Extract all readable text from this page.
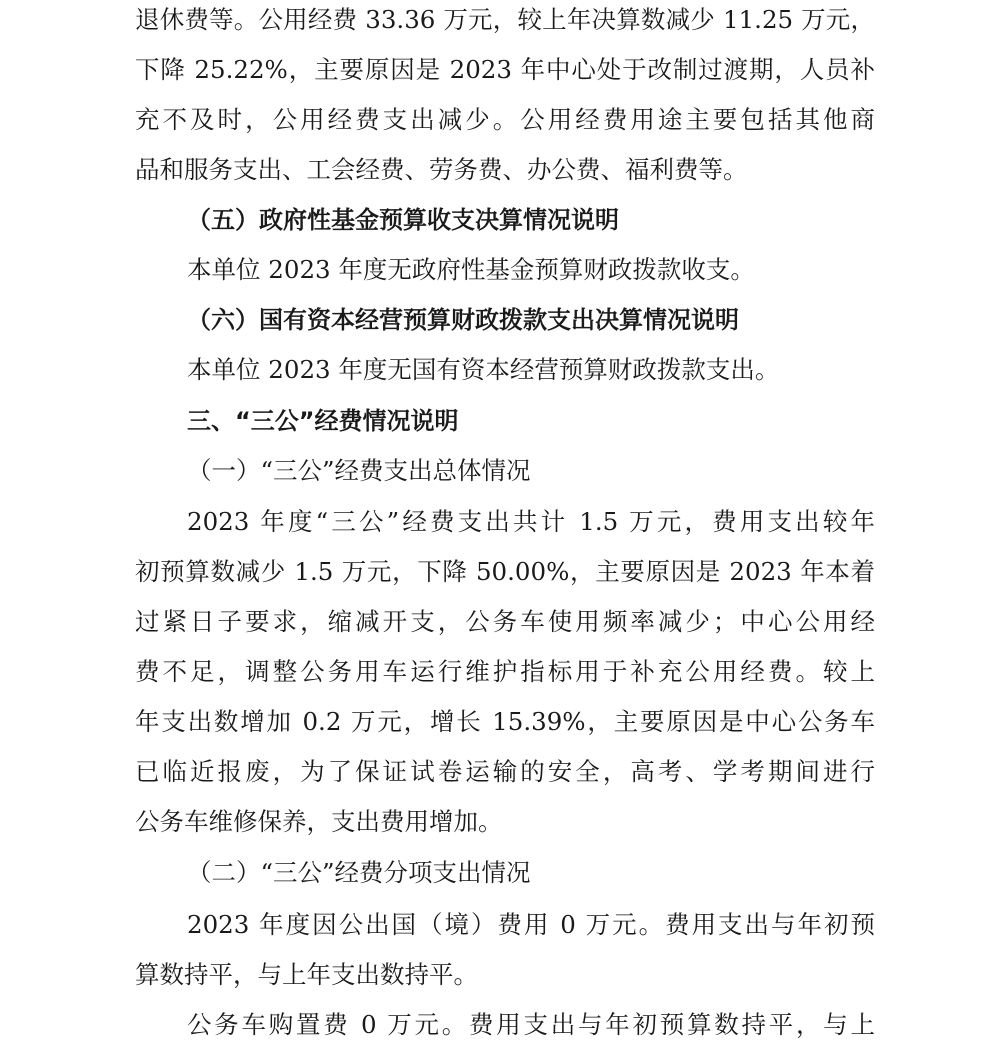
退休费等。公用经费 33.36 万元，较上年决算数减少 11.25 万元，
下降 25.22%，主要原因是 2023 年中心处于改制过渡期，人员补
充不及时，公用经费支出减少。公用经费用途主要包括其他商
品和服务支出、工会经费、劳务费、办公费、福利费等。
（五）政府性基金预算收支决算情况说明
本单位 2023 年度无政府性基金预算财政拨款收支。
（六）国有资本经营预算财政拨款支出决算情况说明
本单位 2023 年度无国有资本经营预算财政拨款支出。
三、“三公”经费情况说明
（一）“三公”经费支出总体情况
2023 年度“三公”经费支出共计 1.5 万元，费用支出较年
初预算数减少 1.5 万元，下降 50.00%，主要原因是 2023 年本着
过紧日子要求，缩减开支，公务车使用频率减少；中心公用经
费不足，调整公务用车运行维护指标用于补充公用经费。较上
年支出数增加 0.2 万元，增长 15.39%，主要原因是中心公务车
已临近报废，为了保证试卷运输的安全，高考、学考期间进行
公务车维修保养，支出费用增加。
（二）“三公”经费分项支出情况
2023 年度因公出国（境）费用 0 万元。费用支出与年初预
算数持平，与上年支出数持平。
公务车购置费 0 万元。费用支出与年初预算数持平，与上
